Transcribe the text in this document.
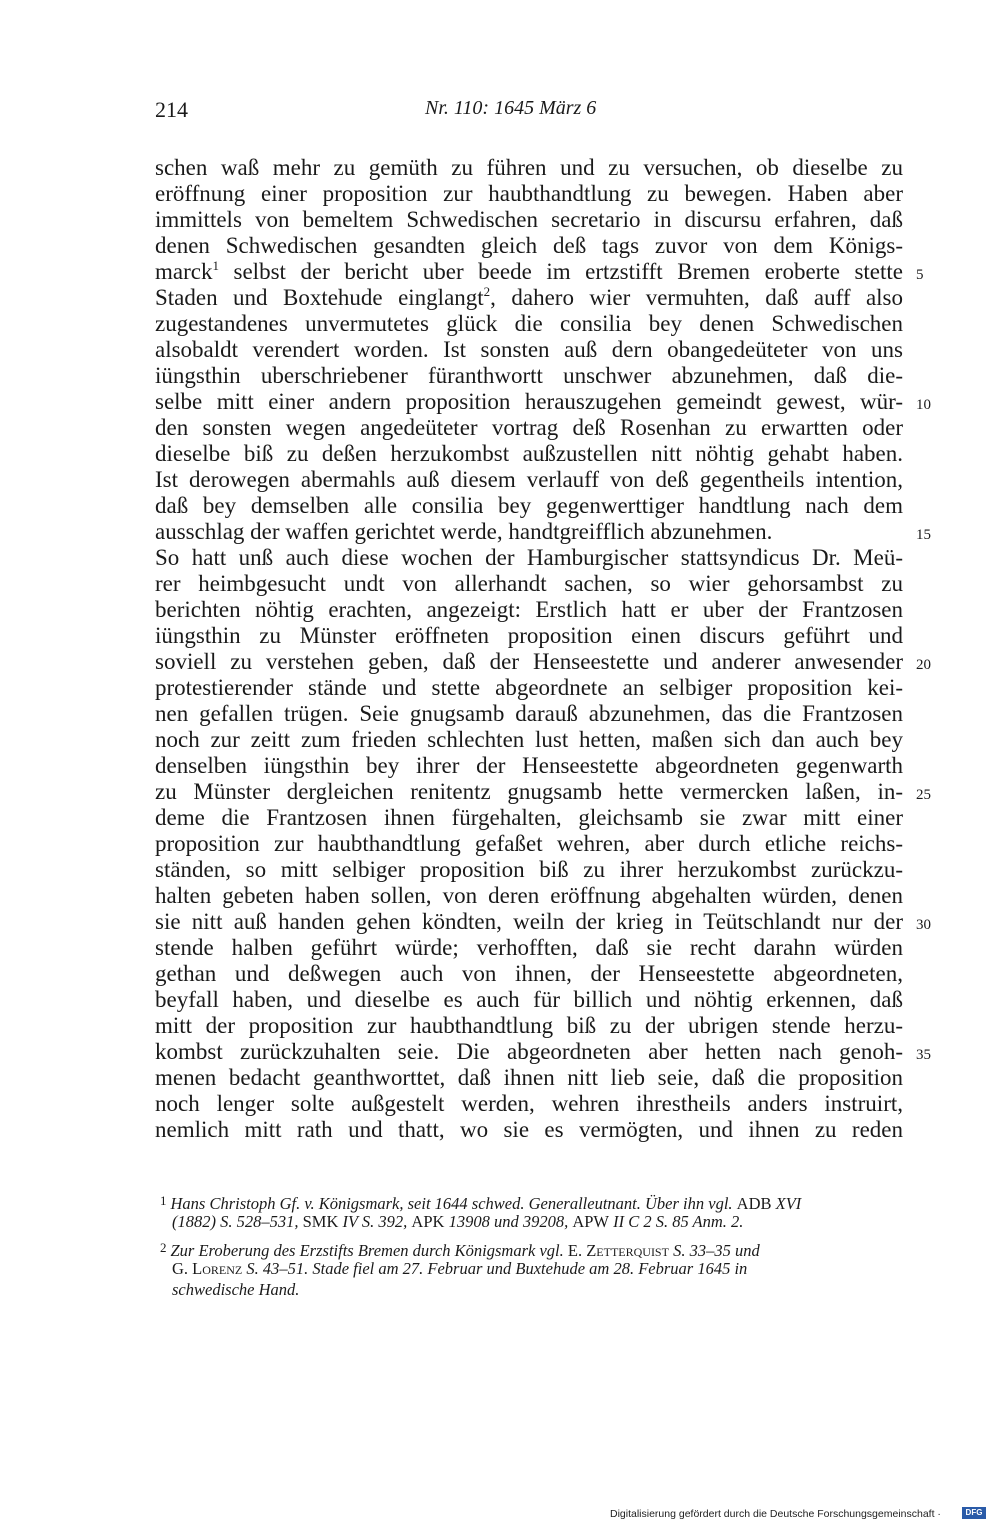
214	Nr. 110: 1645 März 6
schen waß mehr zu gemüth zu führen und zu versuchen, ob dieselbe zu
eröffnung einer proposition zur haubthandtlung zu bewegen. Haben aber
immittels von bemeltem Schwedischen secretario in discursu erfahren, daß
denen Schwedischen gesandten gleich deß tags zuvor von dem Königs-
marck$^1$ selbst der bericht uber beede im ertzstifft Bremen eroberte stette
Staden und Boxtehude einglangt$^2$, dahero wier vermuhten, daß auff also
zugestandenes unvermutetes glück die consilia bey denen Schwedischen
alsobaldt verendert worden. Ist sonsten auß dern obangedeüteter von uns
iüngsthin uberschriebener füranthwortt unschwer abzunehmen, daß die-
selbe mitt einer andern proposition herauszugehen gemeindt gewest, wür-
den sonsten wegen angedeüteter vortrag deß Rosenhan zu erwartten oder
dieselbe biß zu deßen herzukombst außzustellen nitt nöhtig gehabt haben.
Ist derowegen abermahls auß diesem verlauff von deß gegentheils intention,
daß bey demselben alle consilia bey gegenwerttiger handtlung nach dem
ausschlag der waffen gerichtet werde, handtgreifflich abzunehmen.
So hatt unß auch diese wochen der Hamburgischer stattsyndicus Dr. Meü-
rer heimbgesucht undt von allerhandt sachen, so wier gehorsambst zu
berichten nöhtig erachten, angezeigt: Erstlich hatt er uber der Frantzosen
iüngsthin zu Münster eröffneten proposition einen discurs geführt und
soviell zu verstehen geben, daß der Henseestette und anderer anwesender
protestierender stände und stette abgeordnete an selbiger proposition kei-
nen gefallen trügen. Seie gnugsamb darauß abzunehmen, das die Frantzosen
noch zur zeitt zum frieden schlechten lust hetten, maßen sich dan auch bey
denselben iüngsthin bey ihrer der Henseestette abgeordneten gegenwarth
zu Münster dergleichen renitentz gnugsamb hette vermercken laßen, in-
deme die Frantzosen ihnen fürgehalten, gleichsamb sie zwar mitt einer
proposition zur haubthandtlung gefaßet wehren, aber durch etliche reichs-
ständen, so mitt selbiger proposition biß zu ihrer herzukombst zurückzu-
halten gebeten haben sollen, von deren eröffnung abgehalten würden, denen
sie nitt auß handen gehen köndten, weiln der krieg in Teütschlandt nur der
stende halben geführt würde; verhofften, daß sie recht darahn würden
gethan und deßwegen auch von ihnen, der Henseestette abgeordneten,
beyfall haben, und dieselbe es auch für billich und nöhtig erkennen, daß
mitt der proposition zur haubthandtlung biß zu der ubrigen stende herzu-
kombst zurückzuhalten seie. Die abgeordneten aber hetten nach genoh-
menen bedacht geanthworttet, daß ihnen nitt lieb seie, daß die proposition
noch lenger solte außgestelt werden, wehren ihrestheils anders instruirt,
nemlich mitt rath und thatt, wo sie es vermögten, und ihnen zu reden
5
10
15
20
25
30
35
$^1$ Hans Christoph Gf. v. Königsmark, seit 1644 schwed. Generalleutnant. Über ihn vgl. ADB XVI
(1882) S. 528–531, SMK IV S. 392, APK 13908 und 39208, APW II C 2 S. 85 Anm. 2.
$^2$ Zur Eroberung des Erzstifts Bremen durch Königsmark vgl. E. Zetterquist S. 33–35 und
G. Lorenz S. 43–51. Stade fiel am 27. Februar und Buxtehude am 28. Februar 1645 in
schwedische Hand.
Digitalisierung gefördert durch die Deutsche Forschungsgemeinschaft ·	DFG
